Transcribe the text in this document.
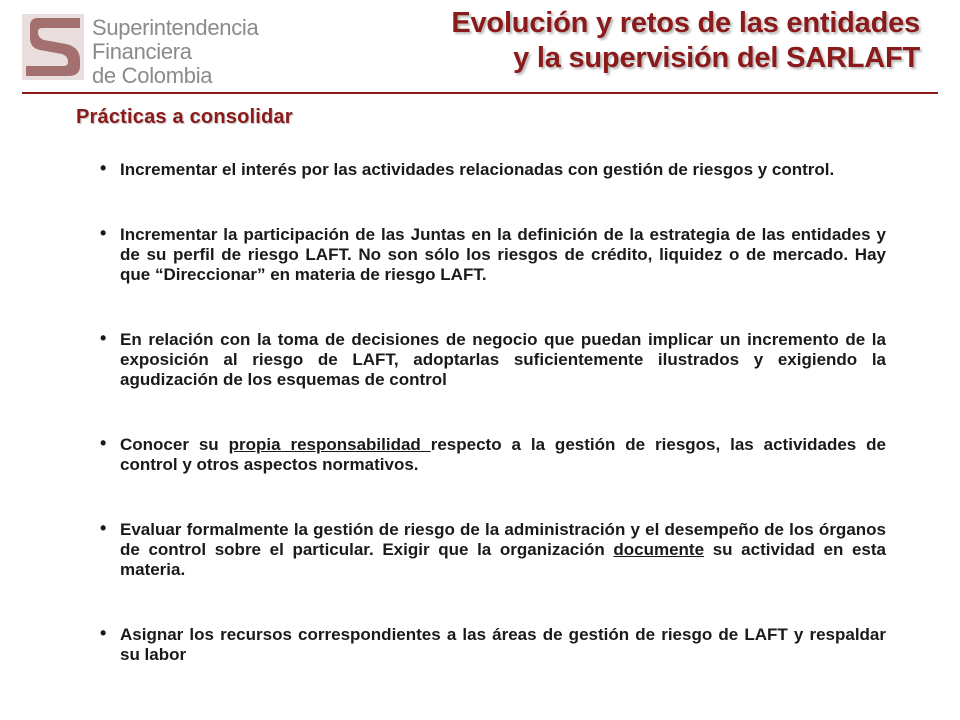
Superintendencia
Financiera
de Colombia
Evolución y retos de las entidades
y la supervisión del SARLAFT
Prácticas a consolidar
• Incrementar el interés por las actividades relacionadas con gestión de riesgos y control.
• Incrementar la participación de las Juntas en la definición de la estrategia de las entidades y de su perfil de riesgo LAFT. No son sólo los riesgos de crédito, liquidez o de mercado. Hay que “Direccionar” en materia de riesgo LAFT.
• En relación con la toma de decisiones de negocio que puedan implicar un incremento de la exposición al riesgo de LAFT, adoptarlas suficientemente ilustrados y exigiendo la agudización de los esquemas de control
• Conocer su propia responsabilidad respecto a la gestión de riesgos, las actividades de control y otros aspectos normativos.
• Evaluar formalmente la gestión de riesgo de la administración y el desempeño de los órganos de control sobre el particular. Exigir que la organización documente su actividad en esta materia.
• Asignar los recursos correspondientes a las áreas de gestión de riesgo de LAFT y respaldar su labor
